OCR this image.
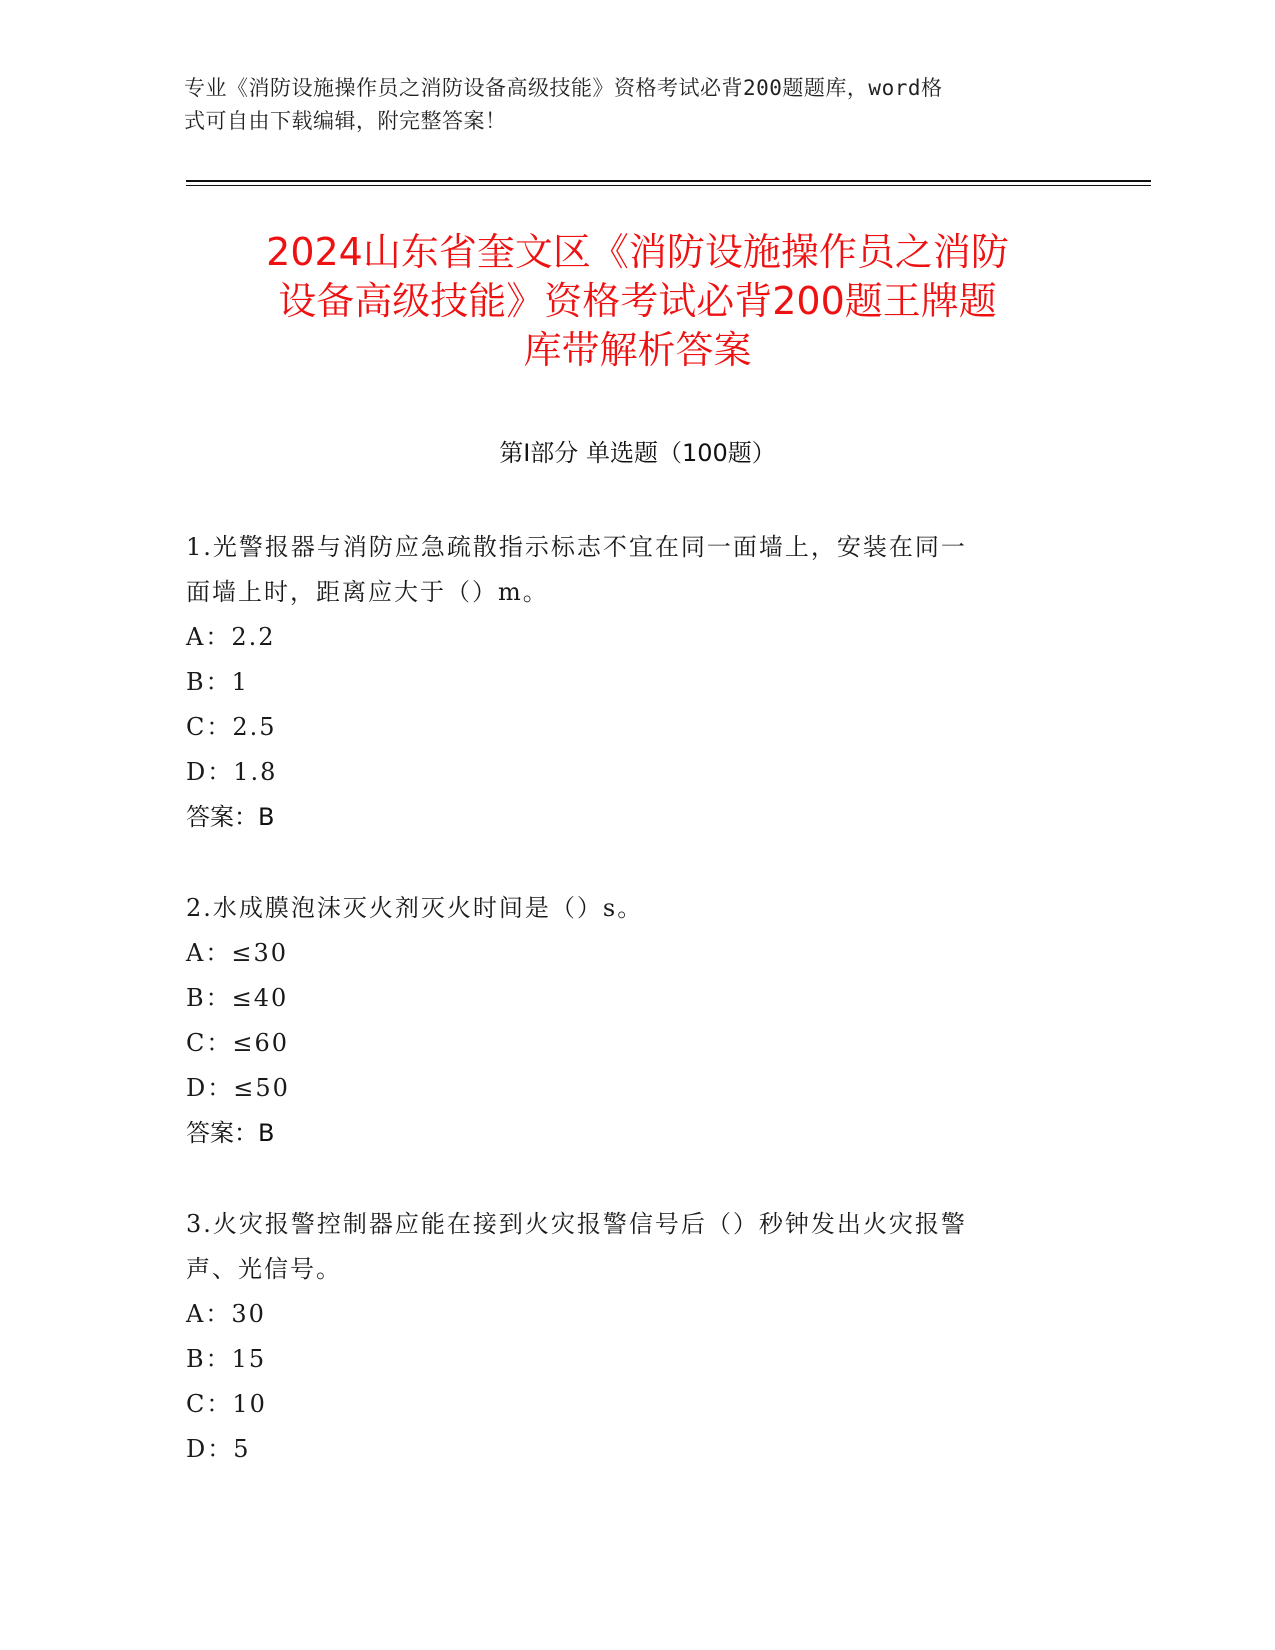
专业《消防设施操作员之消防设备高级技能》资格考试必背200题题库，word格
式可自由下载编辑，附完整答案！
2024山东省奎文区《消防设施操作员之消防
设备高级技能》资格考试必背200题王牌题
库带解析答案
第I部分 单选题（100题）
1.光警报器与消防应急疏散指示标志不宜在同一面墙上，安装在同一
面墙上时，距离应大于（）m。
A：2.2
B：1
C：2.5
D：1.8
答案：B
2.水成膜泡沫灭火剂灭火时间是（）s。
A：≤30
B：≤40
C：≤60
D：≤50
答案：B
3.火灾报警控制器应能在接到火灾报警信号后（）秒钟发出火灾报警
声、光信号。
A：30
B：15
C：10
D：5
